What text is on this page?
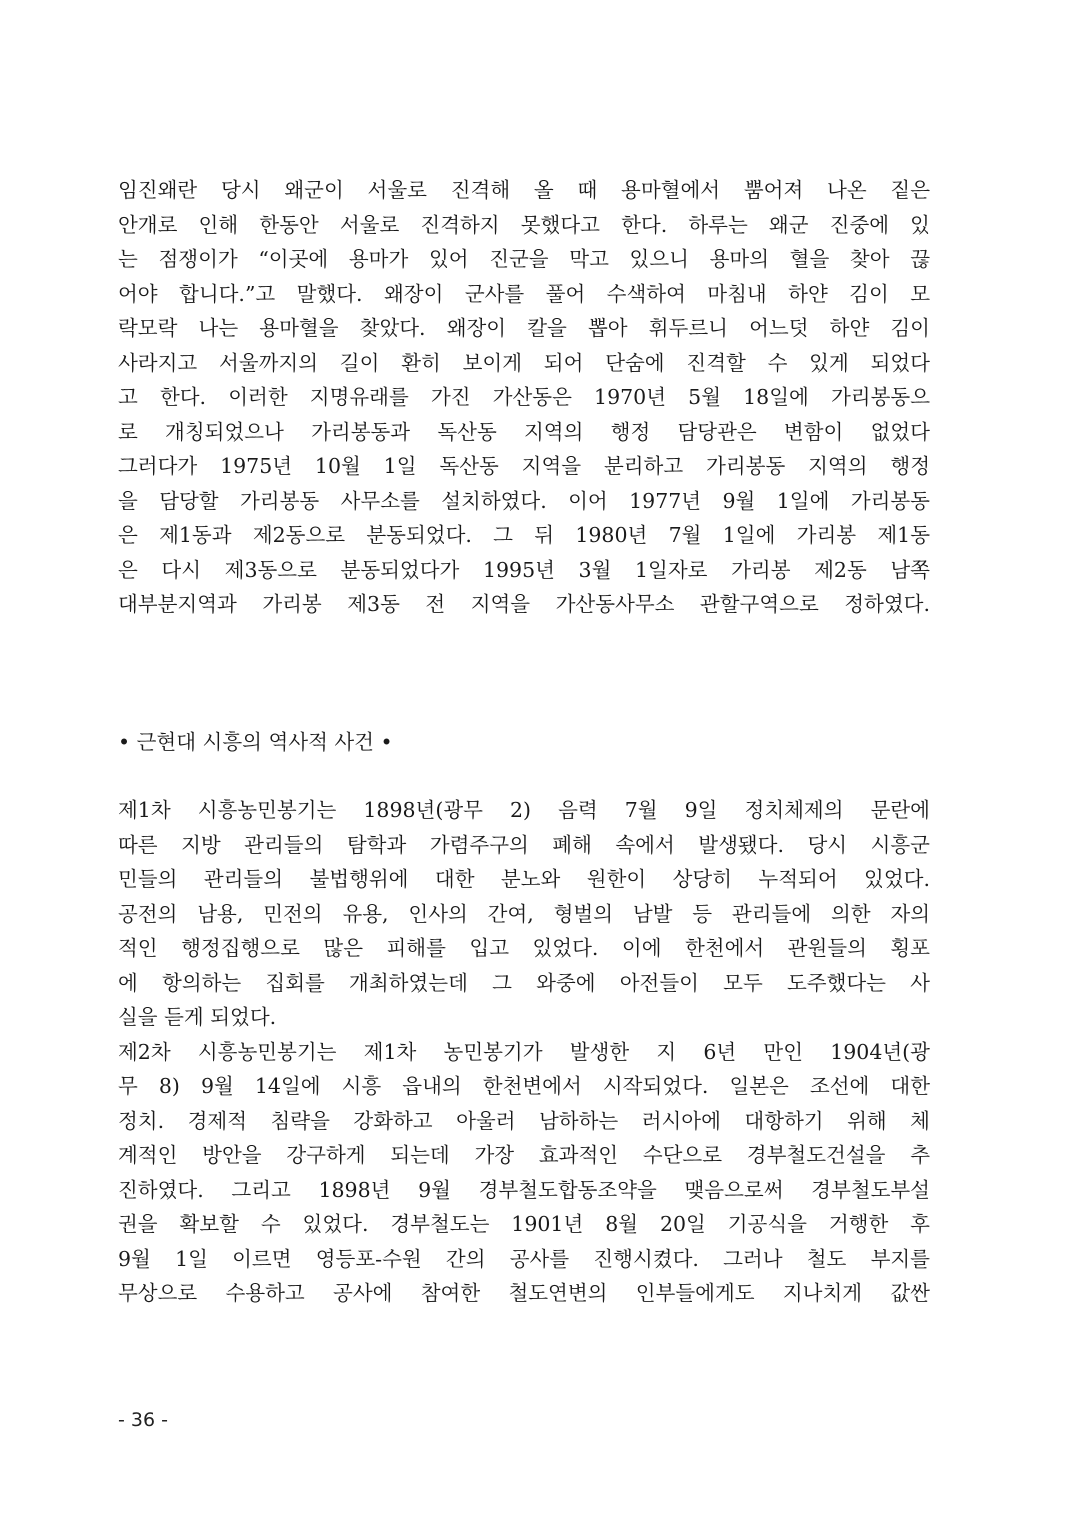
임진왜란 당시 왜군이 서울로 진격해 올 때 용마혈에서 뿜어져 나온 짙은
안개로 인해 한동안 서울로 진격하지 못했다고 한다. 하루는 왜군 진중에 있
는 점쟁이가 “이곳에 용마가 있어 진군을 막고 있으니 용마의 혈을 찾아 끊
어야 합니다.”고 말했다. 왜장이 군사를 풀어 수색하여 마침내 하얀 김이 모
락모락 나는 용마혈을 찾았다. 왜장이 칼을 뽑아 휘두르니 어느덧 하얀 김이
사라지고 서울까지의 길이 환히 보이게 되어 단숨에 진격할 수 있게 되었다
고 한다. 이러한 지명유래를 가진 가산동은 1970년 5월 18일에 가리봉동으
로 개칭되었으나 가리봉동과 독산동 지역의 행정 담당관은 변함이 없었다
그러다가 1975년 10월 1일 독산동 지역을 분리하고 가리봉동 지역의 행정
을 담당할 가리봉동 사무소를 설치하였다. 이어 1977년 9월 1일에 가리봉동
은 제1동과 제2동으로 분동되었다. 그 뒤 1980년 7월 1일에 가리봉 제1동
은 다시 제3동으로 분동되었다가 1995년 3월 1일자로 가리봉 제2동 남쪽
대부분지역과 가리봉 제3동 전 지역을 가산동사무소 관할구역으로 정하였다.
• 근현대 시흥의 역사적 사건 •
제1차 시흥농민봉기는 1898년(광무 2) 음력 7월 9일 정치체제의 문란에
따른 지방 관리들의 탐학과 가렴주구의 폐해 속에서 발생됐다. 당시 시흥군
민들의 관리들의 불법행위에 대한 분노와 원한이 상당히 누적되어 있었다.
공전의 남용, 민전의 유용, 인사의 간여, 형벌의 남발 등 관리들에 의한 자의
적인 행정집행으로 많은 피해를 입고 있었다. 이에 한천에서 관원들의 횡포
에 항의하는 집회를 개최하였는데 그 와중에 아전들이 모두 도주했다는 사
실을 듣게 되었다.
제2차 시흥농민봉기는 제1차 농민봉기가 발생한 지 6년 만인 1904년(광
무 8) 9월 14일에 시흥 읍내의 한천변에서 시작되었다. 일본은 조선에 대한
정치. 경제적 침략을 강화하고 아울러 남하하는 러시아에 대항하기 위해 체
계적인 방안을 강구하게 되는데 가장 효과적인 수단으로 경부철도건설을 추
진하였다. 그리고 1898년 9월 경부철도합동조약을 맺음으로써 경부철도부설
권을 확보할 수 있었다. 경부철도는 1901년 8월 20일 기공식을 거행한 후
9월 1일 이르면 영등포-수원 간의 공사를 진행시켰다. 그러나 철도 부지를
무상으로 수용하고 공사에 참여한 철도연변의 인부들에게도 지나치게 값싼
- 36 -
